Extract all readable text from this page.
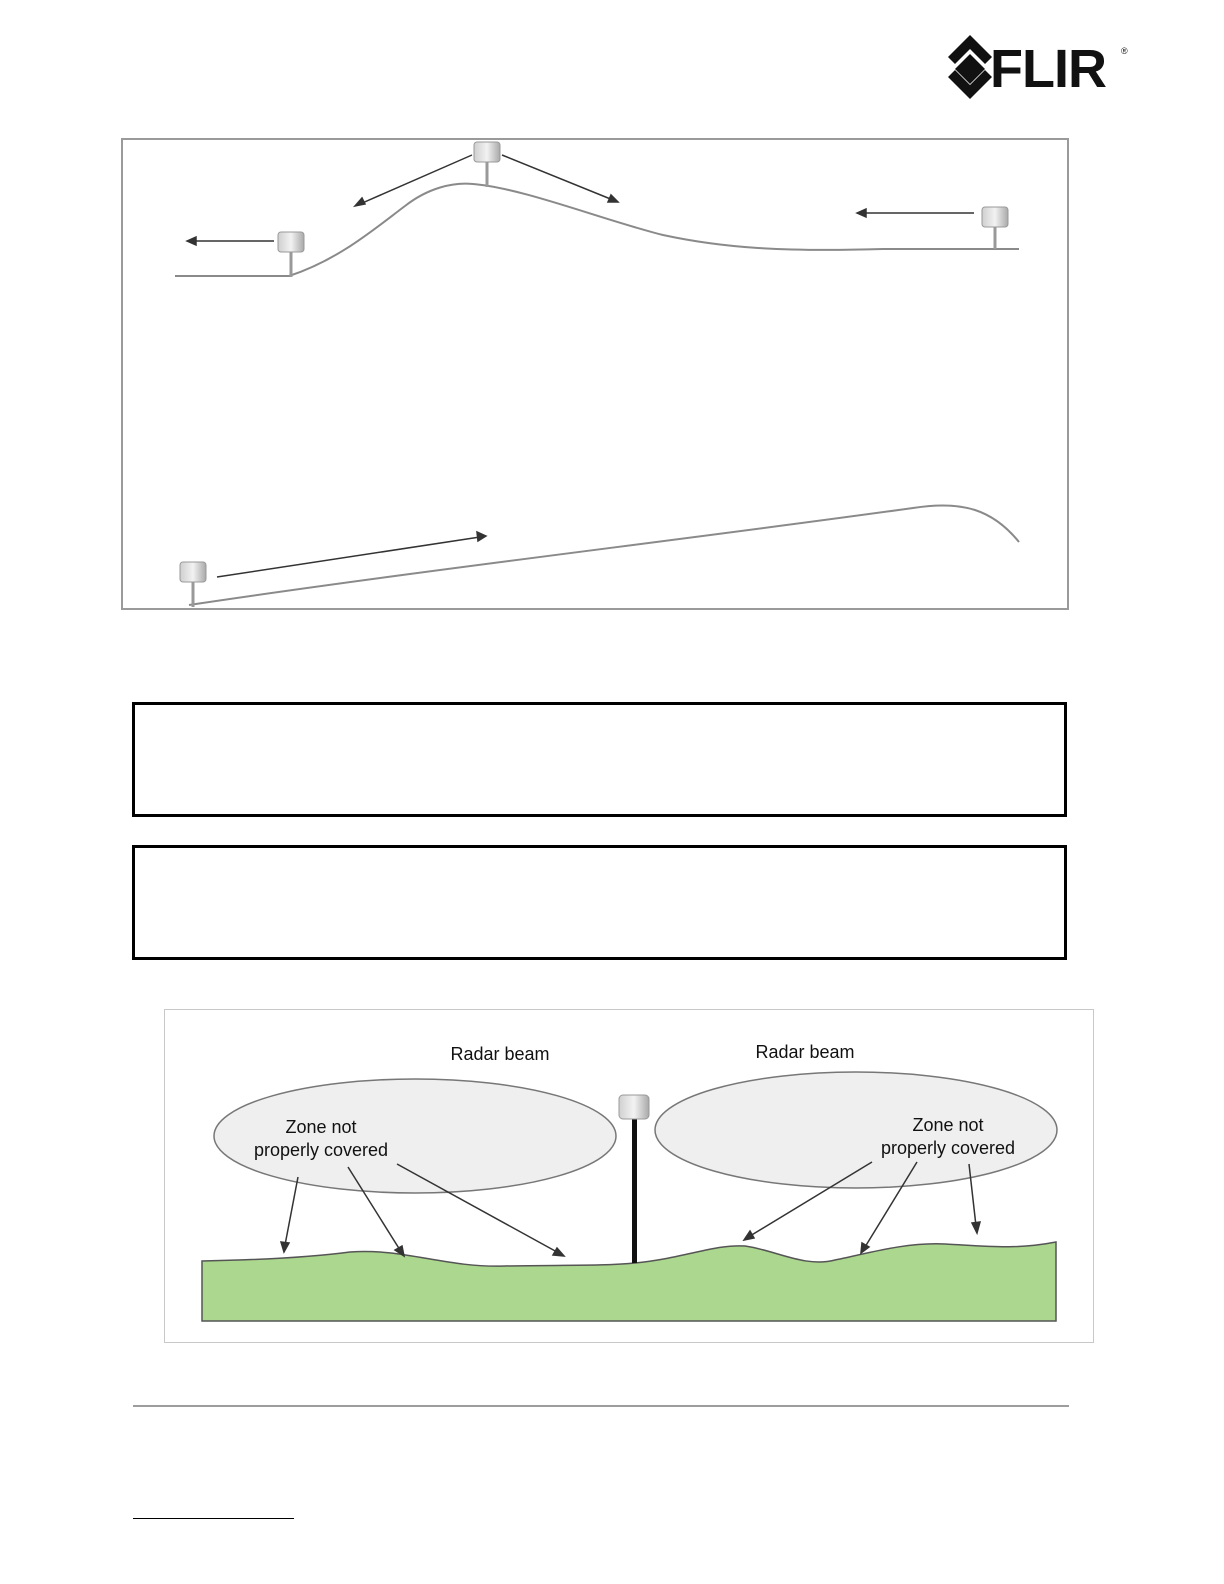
FLIR ®
Radar beam	Radar beam
Zone not
properly covered
Zone not
properly covered
